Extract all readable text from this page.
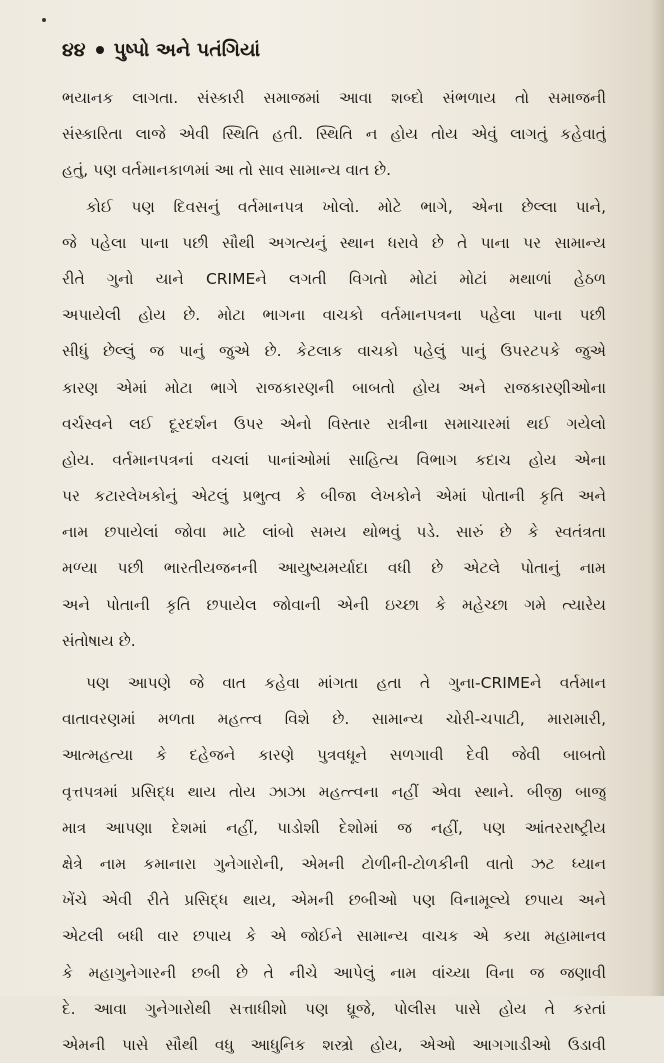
૪૪ પુષ્પો અને પતંગિયાં
ભયાનક લાગતા. સંસ્કારી સમાજમાં આવા શબ્દો સંભળાય તો સમાજની
સંસ્કારિતા લાજે એવી સ્થિતિ હતી. સ્થિતિ ન હોય તોય એવું લાગતું કહેવાતું
હતું, પણ વર્તમાનકાળમાં આ તો સાવ સામાન્ય વાત છે.
કોઈ પણ દિવસનું વર્તમાનપત્ર ખોલો. મોટે ભાગે, એના છેલ્લા પાને,
જે પહેલા પાના પછી સૌથી અગત્યનું સ્થાન ધરાવે છે તે પાના પર સામાન્ય
રીતે ગુનો યાને CRIMEને લગતી વિગતો મોટાં મોટાં મથાળાં હેઠળ
અપાયેલી હોય છે. મોટા ભાગના વાચકો વર્તમાનપત્રના પહેલા પાના પછી
સીધું છેલ્લું જ પાનું જુએ છે. કેટલાક વાચકો પહેલું પાનું ઉપરટપકે જુએ
કારણ એમાં મોટા ભાગે રાજકારણની બાબતો હોય અને રાજકારણીઓના
વર્ચસ્વને લઈ દૂરદર્શન ઉપર એનો વિસ્તાર રાત્રીના સમાચારમાં થઈ ગયેલો
હોય. વર્તમાનપત્રનાં વચલાં પાનાંઓમાં સાહિત્ય વિભાગ કદાચ હોય એના
પર કટારલેખકોનું એટલું પ્રભુત્વ કે બીજા લેખકોને એમાં પોતાની કૃતિ અને
નામ છપાયેલાં જોવા માટે લાંબો સમય થોભવું પડે. સારું છે કે સ્વતંત્રતા
મળ્યા પછી ભારતીયજનની આયુષ્યમર્યાદા વધી છે એટલે પોતાનું નામ
અને પોતાની કૃતિ છપાયેલ જોવાની એની ઇચ્છા કે મહેચ્છા ગમે ત્યારેય
સંતોષાય છે.
પણ આપણે જે વાત કહેવા માંગતા હતા તે ગુના-CRIMEને વર્તમાન
વાતાવરણમાં મળતા મહત્ત્વ વિશે છે. સામાન્ય ચોરી-ચપાટી, મારામારી,
આત્મહત્યા કે દહેજને કારણે પુત્રવધૂને સળગાવી દેવી જેવી બાબતો
વૃત્તપત્રમાં પ્રસિદ્ધ થાય તોય ઝાઝા મહત્ત્વના નહીં એવા સ્થાને. બીજી બાજુ
માત્ર આપણા દેશમાં નહીં, પાડોશી દેશોમાં જ નહીં, પણ આંતરરાષ્ટ્રીય
ક્ષેત્રે નામ કમાનારા ગુનેગારોની, એમની ટોળીની-ટોળકીની વાતો ઝટ ધ્યાન
ખેંચે એવી રીતે પ્રસિદ્ધ થાય, એમની છબીઓ પણ વિનામૂલ્યે છપાય અને
એટલી બધી વાર છપાય કે એ જોઈને સામાન્ય વાચક એ કયા મહામાનવ
કે મહાગુનેગારની છબી છે તે નીચે આપેલું નામ વાંચ્યા વિના જ જણાવી
દે. આવા ગુનેગારોથી સત્તાધીશો પણ ધ્રૂજે, પોલીસ પાસે હોય તે કરતાં
એમની પાસે સૌથી વધુ આધુનિક શસ્ત્રો હોય, એઓ આગગાડીઓ ઉડાવી
